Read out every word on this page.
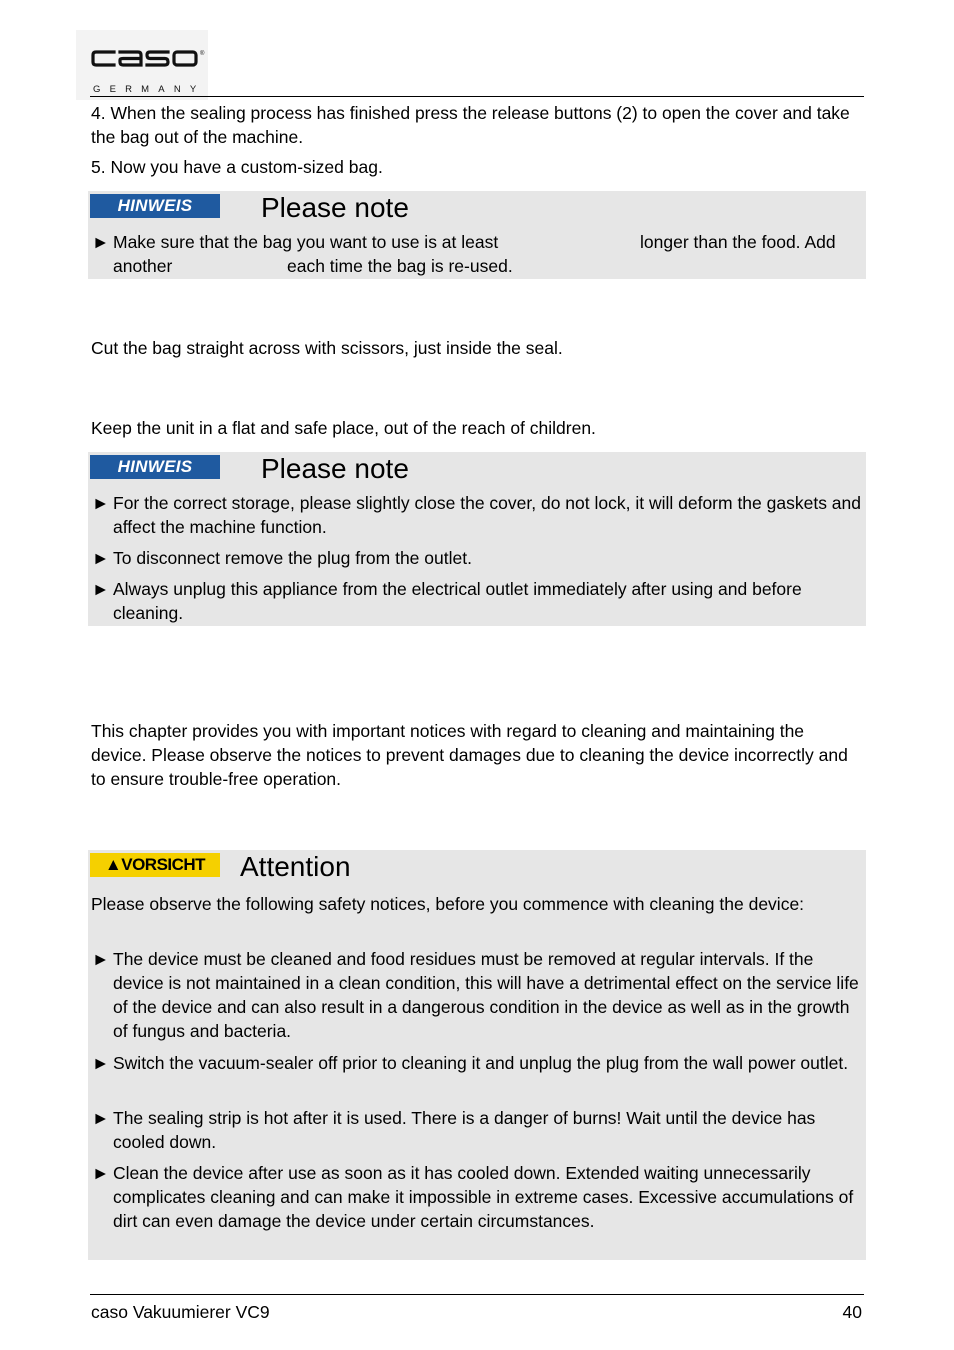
®
GERMANY

4. When the sealing process has finished press the release buttons (2) to open the cover and take the bag out of the machine.

5. Now you have a custom-sized bag.

HINWEIS	Please note
► Make sure that the bag you want to use is at least	longer than the food. Add
another	each time the bag is re-used.

Cut the bag straight across with scissors, just inside the seal.

Keep the unit in a flat and safe place, out of the reach of children.

HINWEIS	Please note
► For the correct storage, please slightly close the cover, do not lock, it will deform the gaskets and affect the machine function.
► To disconnect remove the plug from the outlet.
► Always unplug this appliance from the electrical outlet immediately after using and before cleaning.

This chapter provides you with important notices with regard to cleaning and maintaining the device. Please observe the notices to prevent damages due to cleaning the device incorrectly and to ensure trouble-free operation.

▲VORSICHT	Attention
Please observe the following safety notices, before you commence with cleaning the device:
► The device must be cleaned and food residues must be removed at regular intervals. If the device is not maintained in a clean condition, this will have a detrimental effect on the service life of the device and can also result in a dangerous condition in the device as well as in the growth of fungus and bacteria.
► Switch the vacuum-sealer off prior to cleaning it and unplug the plug from the wall power outlet.
► The sealing strip is hot after it is used. There is a danger of burns! Wait until the device has cooled down.
► Clean the device after use as soon as it has cooled down. Extended waiting unnecessarily complicates cleaning and can make it impossible in extreme cases. Excessive accumulations of dirt can even damage the device under certain circumstances.
caso Vakuumierer VC9	40
